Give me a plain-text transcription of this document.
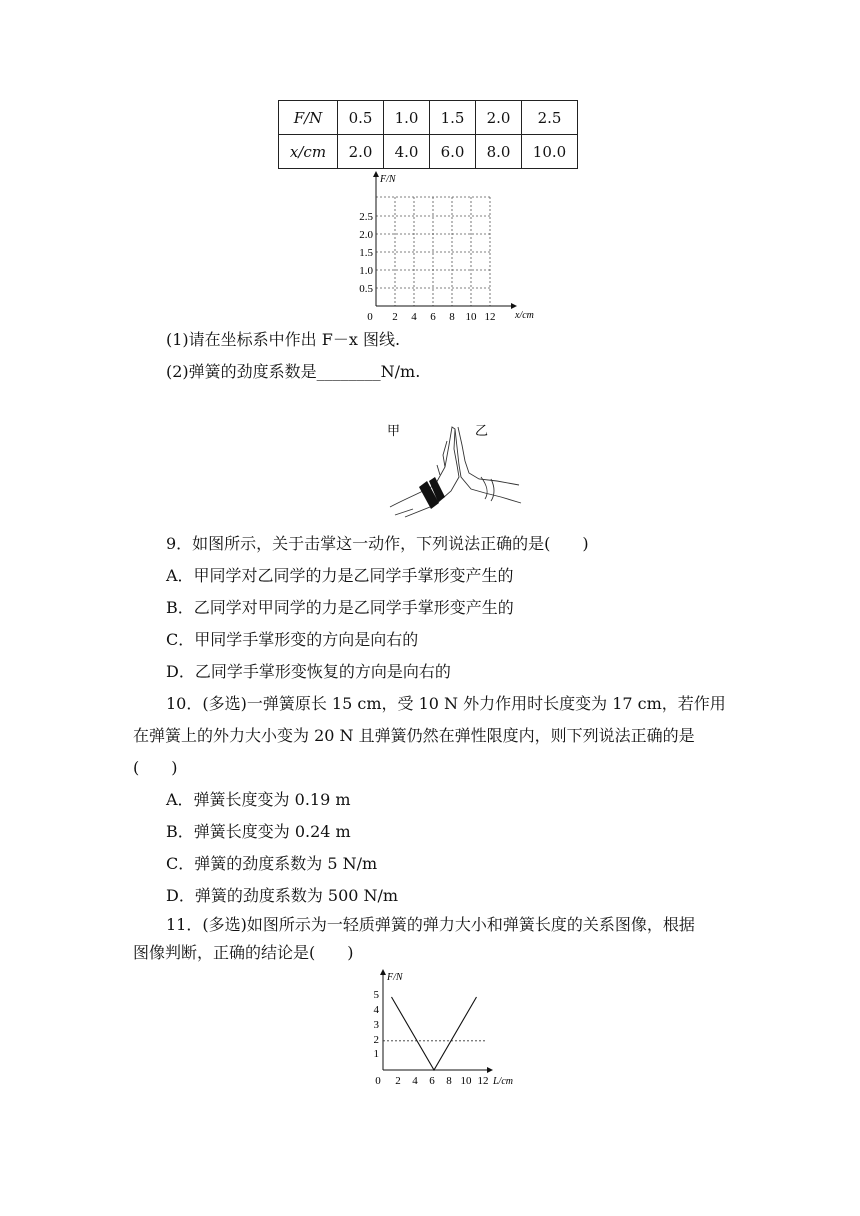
F/N	0.5	1.0	1.5	2.0	2.5
x/cm	2.0	4.0	6.0	8.0	10.0
F/N
x/cm
2.5
2.0
1.5
1.0
0.5
0 2 4 6 8 10 12
(1)请在坐标系中作出 F－x 图线.
(2)弹簧的劲度系数是________N/m.
甲	乙
9．如图所示，关于击掌这一动作，下列说法正确的是(　　)
A．甲同学对乙同学的力是乙同学手掌形变产生的
B．乙同学对甲同学的力是乙同学手掌形变产生的
C．甲同学手掌形变的方向是向右的
D．乙同学手掌形变恢复的方向是向右的
10．(多选)一弹簧原长 15 cm，受 10 N 外力作用时长度变为 17 cm，若作用
在弹簧上的外力大小变为 20 N 且弹簧仍然在弹性限度内，则下列说法正确的是
(　　)
A．弹簧长度变为 0.19 m
B．弹簧长度变为 0.24 m
C．弹簧的劲度系数为 5 N/m
D．弹簧的劲度系数为 500 N/m
11．(多选)如图所示为一轻质弹簧的弹力大小和弹簧长度的关系图像，根据
图像判断，正确的结论是(　　)
F/N
L/cm
5
4
3
2
1
0 2 4 6 8 10 12
